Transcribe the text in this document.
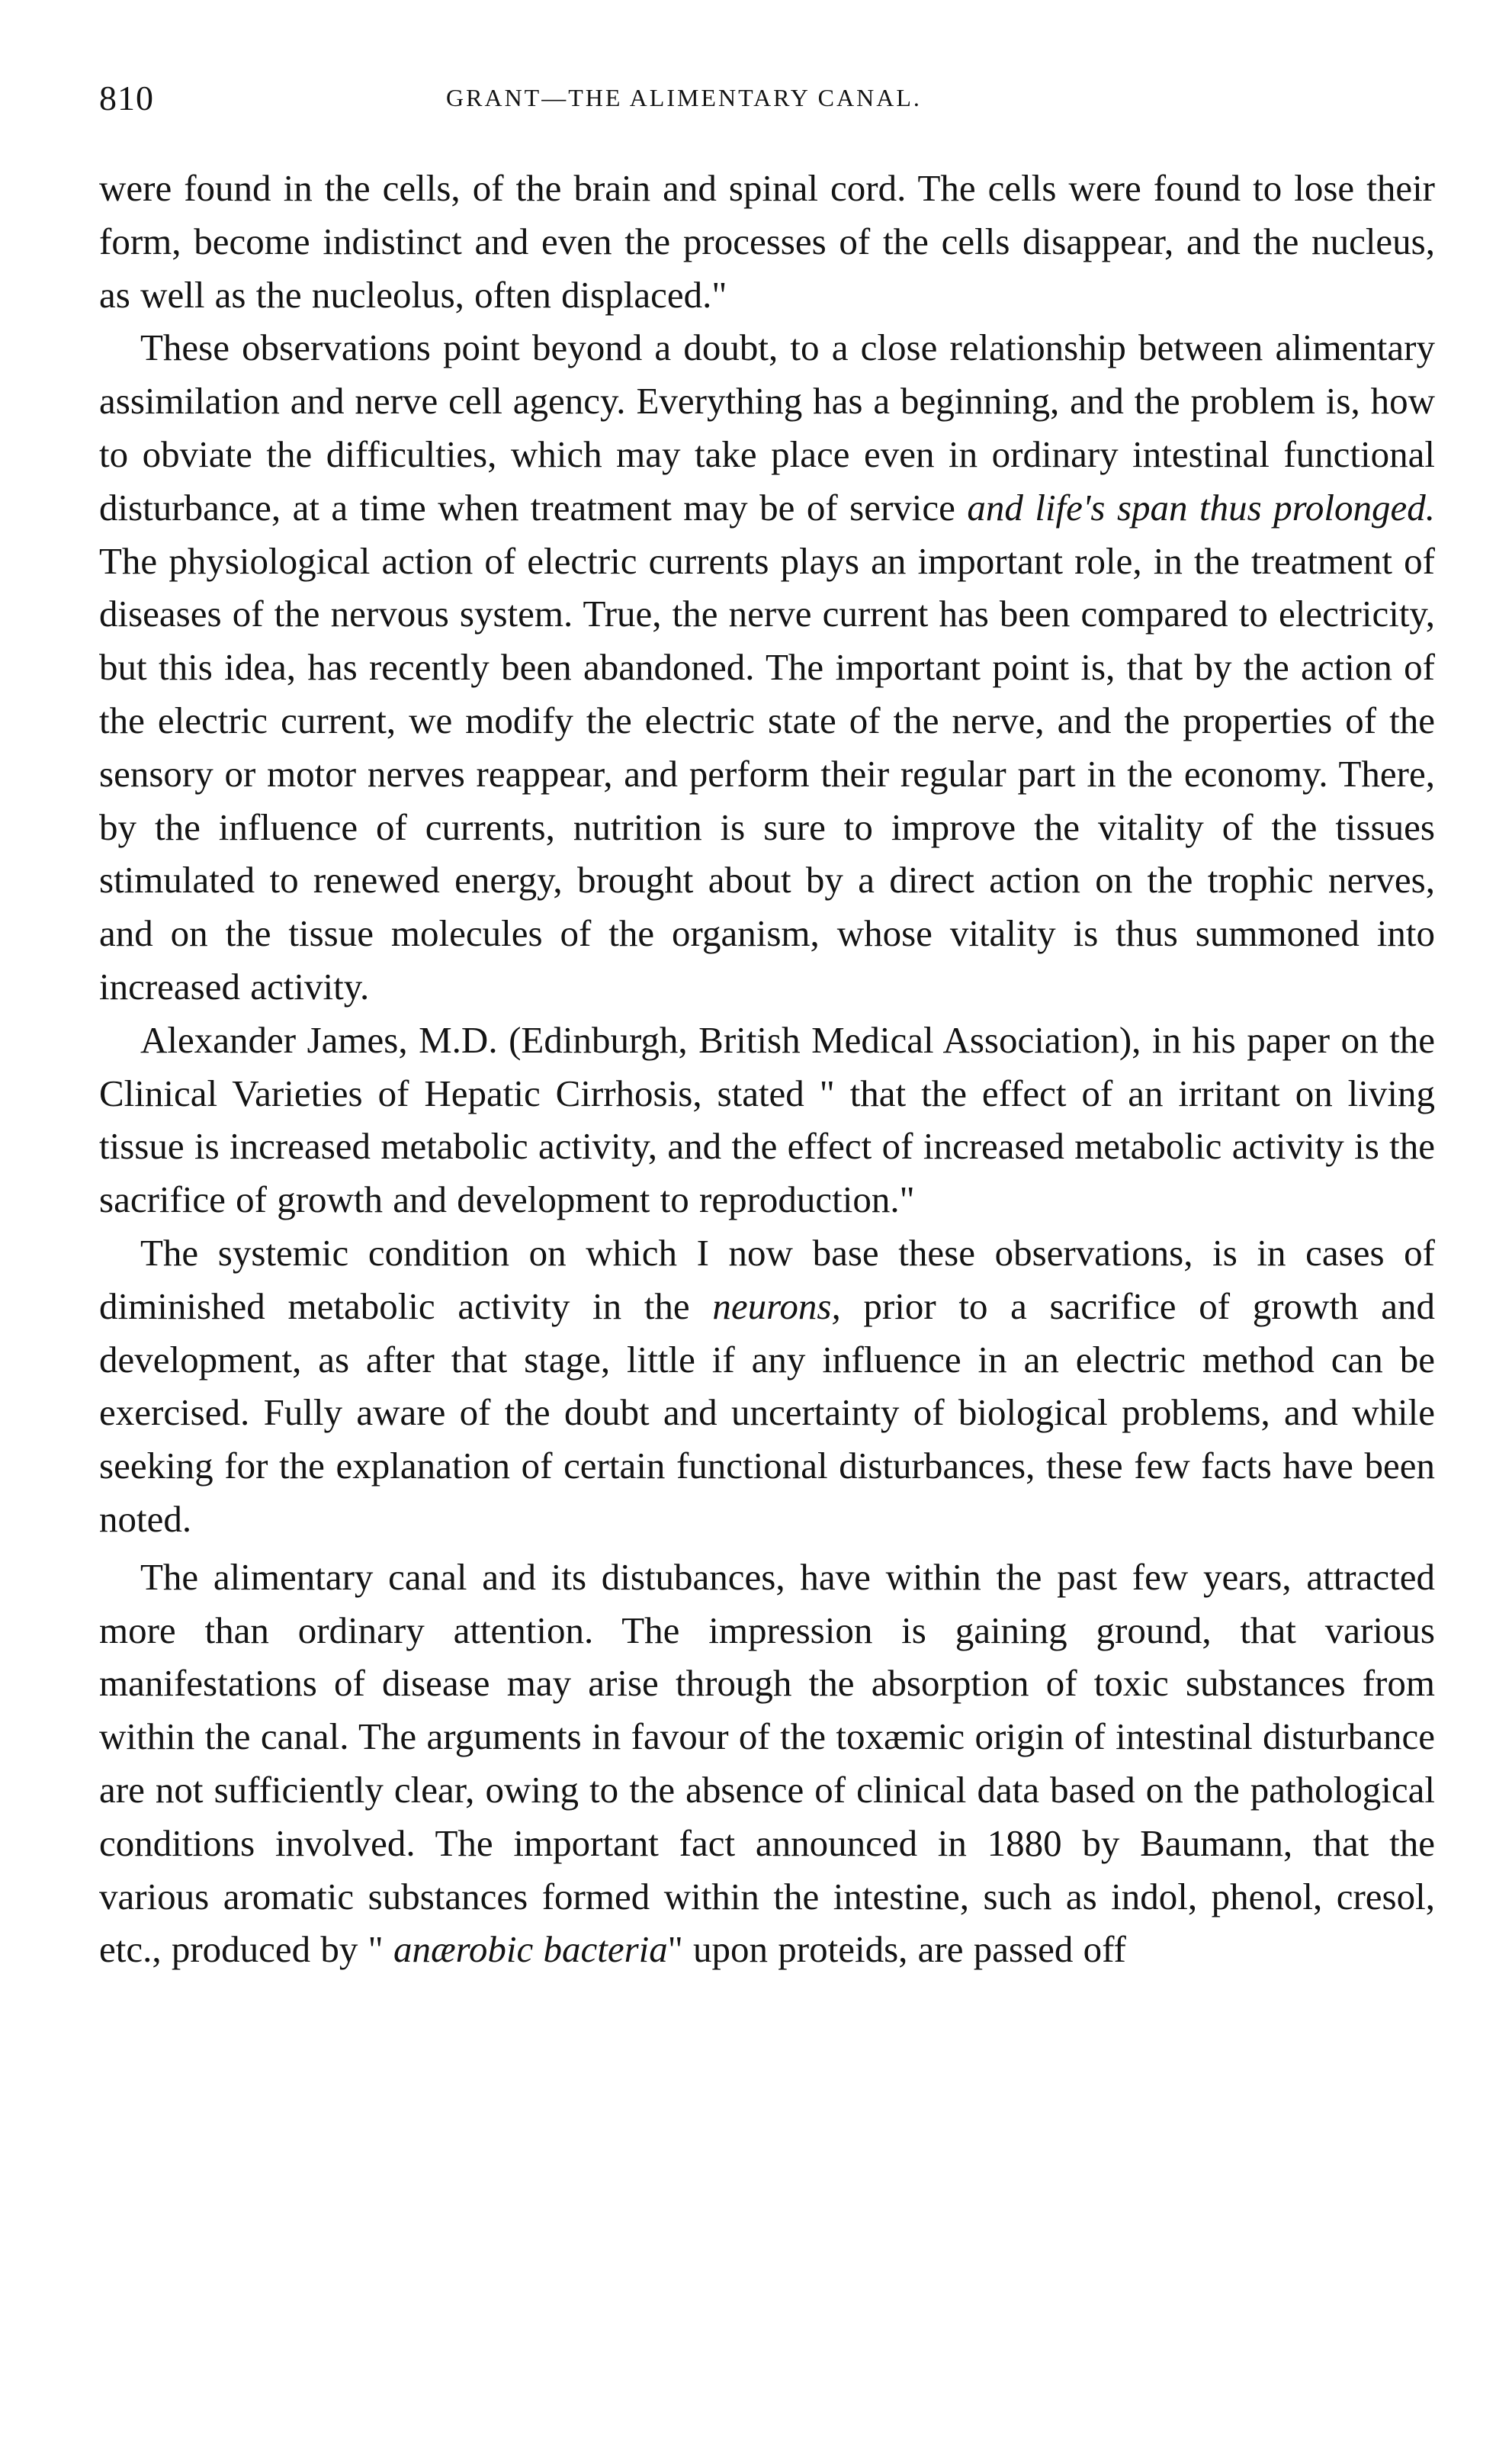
810	GRANT—THE ALIMENTARY CANAL.

were found in the cells, of the brain and spinal cord. The cells were found to lose their form, become indistinct and even the processes of the cells disappear, and the nucleus, as well as the nucleolus, often displaced."

These observations point beyond a doubt, to a close relationship between alimentary assimilation and nerve cell agency. Everything has a beginning, and the problem is, how to obviate the difficulties, which may take place even in ordinary intestinal functional disturbance, at a time when treatment may be of service and life's span thus prolonged. The physiological action of electric currents plays an important role, in the treatment of diseases of the nervous system. True, the nerve current has been compared to electricity, but this idea, has recently been abandoned. The important point is, that by the action of the electric current, we modify the electric state of the nerve, and the properties of the sensory or motor nerves reappear, and perform their regular part in the economy. There, by the influence of currents, nutrition is sure to improve the vitality of the tissues stimulated to renewed energy, brought about by a direct action on the trophic nerves, and on the tissue molecules of the organism, whose vitality is thus summoned into increased activity.

Alexander James, M.D. (Edinburgh, British Medical Association), in his paper on the Clinical Varieties of Hepatic Cirrhosis, stated " that the effect of an irritant on living tissue is increased metabolic activity, and the effect of increased metabolic activity is the sacrifice of growth and development to reproduction."

The systemic condition on which I now base these observations, is in cases of diminished metabolic activity in the neurons, prior to a sacrifice of growth and development, as after that stage, little if any influence in an electric method can be exercised. Fully aware of the doubt and uncertainty of biological problems, and while seeking for the explanation of certain functional disturbances, these few facts have been noted.

The alimentary canal and its distubances, have within the past few years, attracted more than ordinary attention. The impression is gaining ground, that various manifestations of disease may arise through the absorption of toxic substances from within the canal. The arguments in favour of the toxæmic origin of intestinal disturbance are not sufficiently clear, owing to the absence of clinical data based on the pathological conditions involved. The important fact announced in 1880 by Baumann, that the various aromatic substances formed within the intestine, such as indol, phenol, cresol, etc., produced by " anærobic bacteria" upon proteids, are passed off
